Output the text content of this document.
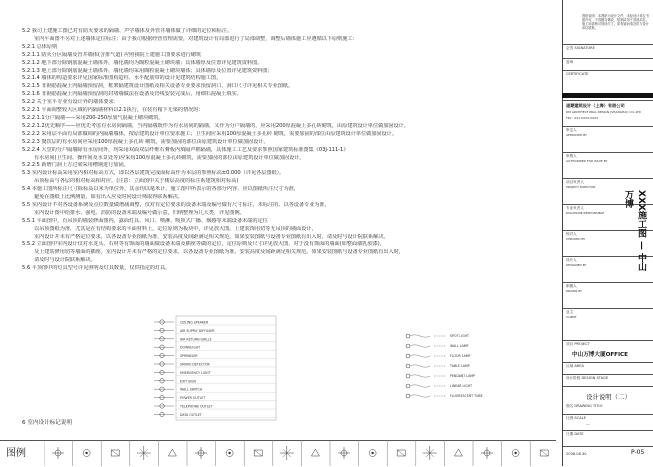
5.2 我司上建施工图已对有防火要求的隔墙、声学墙体及外管井墙体做了详细的定位和标注。
室内平面图不另对上述墙体定位标注；由于我司根据经营管理需要，对建筑设计有局部进行了局部调整，调整后墙体施工应遵循以下原则施工：
5.2.1 总体原则
5.2.1.1 防火分区隔墙及管井墙体(含排气道) 应照我院上建施工图要求进行砌筑
5.2.1.2 地下部分除钢筋混凝土墙体外，墙化墙均为陶粒混凝土砌块墙；具体墙厚及位置详见建筑资料图。
5.2.1.3 地上部分除钢筋混凝土墙体外，墙化墙均采用陶粒混凝土砌块墙体；具体墙厚及位置详见建筑资料图；
5.2.1.4 墙体的构造要求详见国家标准图构造柱、水平配筋带的设计见建筑结构施工图。
5.2.1.5 非钢筋混凝土内隔墙预留洞，框架隔建筑设计图纸及相关设备专业要求预留洞口，洞口尺寸详见相关专业图纸。
5.2.1.6 非钢筋混凝土内隔墙预留洞的封堵墙做法在设备及管线安装完成后，用细石混凝土填实。
5.2.2 关于室平专业有设计外的墙体要求：
5.2.2.1 平面调整较大区域的内隔墙材料以2.1执行，在装有箱下无梁的情况时：
5.2.2.1.1分户隔墙——采用200-250厚加气混凝土砌块砌筑。
5.2.2.1.2优先顺序——应优先考虑有水房间隔墙，当内隔墙既作为有水房间的隔墙，又作为分户隔墙的，应采用200厚混凝土多孔砖砌筑，由原建筑设计单位做加固设计。
5.2.2.2 采用层平面有局部做调的内隔墙墙体，按原建筑设计单位要求施工；卫生间应采用100厚混凝土多孔砖 砌筑，需要加固的部位由原建筑设计单位做加固设计。
5.2.2.3 餐饮层的有水房间应采用100厚混凝土多孔砖 砌筑，需要加固的部位由原建筑设计单位做加固设计。
5.2.2.4 大堂的分户隔墙除有水房间外，均采用双面双层纤维石膏板内填隔声棉隔墙，具体施工工艺及要求参照国家建筑标准图集《03J-111-1》
有水房间(卫生间、操作间及水景处等)应采用100厚混凝土多孔砖砌筑，需要加固的部位由原建筑设计单位做加固设计。
5.2.2.5 新增门洞上方过梁采用槽钢进行加固。
5.3 室内设计标高采用室内相对标高方式，即以各层建筑完成面标高作为本层的参照标高±0.000（详见各层图纸）。
吊顶标高与各层的相对标高相对应。(注意：立面图中关于楼层高度的标注系建筑相对标高)
5.4 本施工图所标注尺寸除标高以米为单位外，其余均以毫米计，施工图中所表示的各部分内容，应以图纸所注尺寸为准，
避免在图纸上比例测量，如有出入应及时同设计师取得联系解决。
5.5 室内设计不对各设备系统及点位数量做增减调整，仅对有定位要求的设备末端及编号做有尺寸标注，未标注的、以各设备专业为准，
室内设计图中给排水、强电、消防的设备末端及编号做示意，归纳整理为几大类，详见图例。
5.5.1 平面图中，有吊顶的墙装修面图内，露面灯具、风口、喷淋、吸顶式广播、烟感等末端设备末端的定位
以吊顶图纸为准，尤其是在有结构要求的平面材料上，定位原则为板块中，详见放大图。上建装饰用切等无吊顶的墙面设计，
室内设计并未有严格定位要求，以各设备专业图纸为准，安装高度及间距满足相关规范。如果安装图纸与设备专业图纸有出入时，请及时与设计院联系解决。
5.5.2 立面图中室内设计仅对水龙头、石材等有饰面的墙面做设备末端及插座等做的定位，定位原则及尺寸详见放大图，对于没有饰面的墙面(如整面墙乳胶漆)，
及上建装修用切等墙面的插座，室内设计并未有严格的定位要求，以各设备专业图纸为准，安装高度及间距满足相关规范。如果安装图纸与设备专业图纸有出入时，
请及时与设计院联系解决。
5.6 平顶图中的灯具型号详见照明及灯具数量，仅供指定的灯具。
6 室内设计标记说明
CEILING SPEAKER
AIR SUPPLY DIFFUSER
AIR RETURN GRILLE
DOWNLIGHT
SPRINKLER
SMOKE DETECTOR
EMERGENCY LIGHT
EXIT SIGN
WALL SWITCH
POWER OUTLET
TELEPHONE OUTLET
DATA OUTLET
SPOT LIGHT
WALL LAMP
FLOOR LAMP
TABLE LAMP
PENDANT LAMP
LINEAR LIGHT
FLUORESCENT TUBE
图例
图纸说明：本图纸为设计文件，未经设计单位书面许可，不得擅自修改、复制或用于其他项目。施工前请核对现场尺寸，如有疑问请及时与设计单位联系。
会签 SIGNATURE
盖章
CERTIFICATE
道蒙建筑设计（上海）有限公司
DM ARCHITECTURAL DESIGN (SHANGHAI) CO.,LTD
TEL：021-XXXX-XXXX
项目 PROJECT
中山万博大厦OFFICE
区域 AREA
设计阶段 DESIGN STAGE
设计说明（二）
图名 DRAWING TITLE
比例 SCALE
—
日期 DATE
2008.06.30	P-05
审定人
APPROVED BY
审核人
AUTHORIZED FOR ISSUE BY
项目负责人
PROJECT DIRECTOR
专业负责人
DISCIPLINE RESPONSIBLE
校对人
CHECKED BY
设计人
DESIGNED BY
制图人
DRAWN BY
业主
CLIENT
XXX施工图 — 中山万博
